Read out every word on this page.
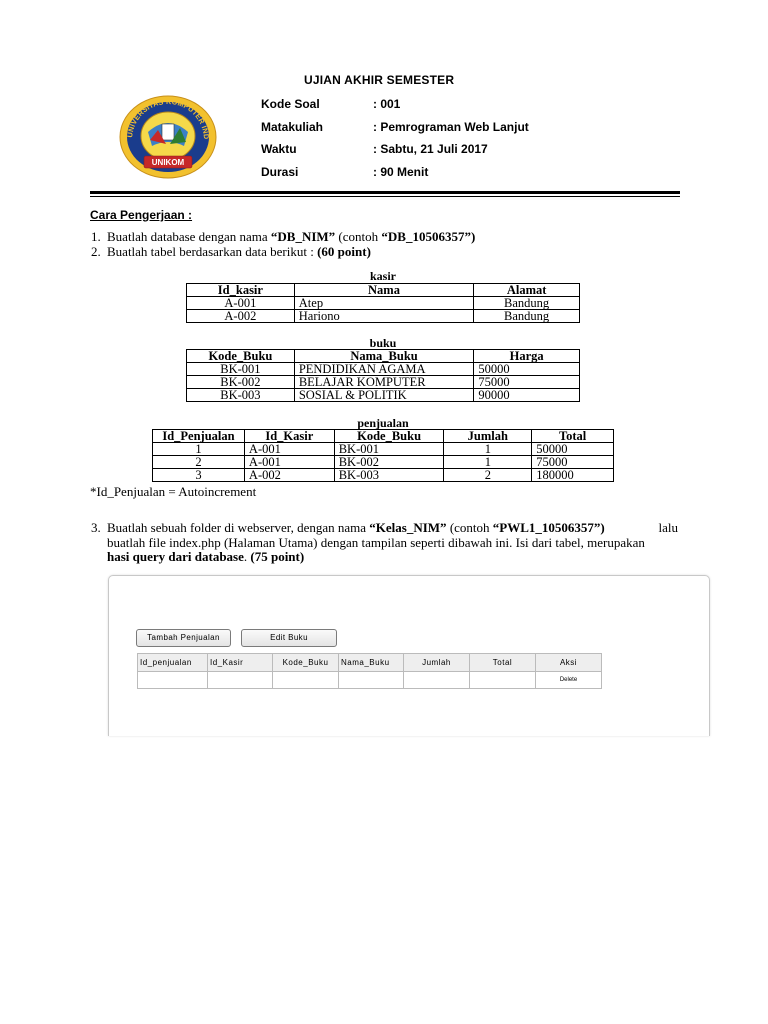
UJIAN AKHIR SEMESTER
UNIVERSITAS KOMPUTER IND
UNIKOM
Kode Soal	: 001
Matakuliah	: Pemrograman Web Lanjut
Waktu	: Sabtu, 21 Juli 2017
Durasi	: 90 Menit
Cara Pengerjaan :
1. Buatlah database dengan nama “DB_NIM” (contoh “DB_10506357”)
2. Buatlah tabel berdasarkan data berikut : (60 point)
kasir
Id_kasir	Nama	Alamat
A-001	Atep	Bandung
A-002	Hariono	Bandung
buku
Kode_Buku	Nama_Buku	Harga
BK-001	PENDIDIKAN AGAMA	50000
BK-002	BELAJAR KOMPUTER	75000
BK-003	SOSIAL & POLITIK	90000
penjualan
Id_Penjualan	Id_Kasir	Kode_Buku	Jumlah	Total
1	A-001	BK-001	1	50000
2	A-001	BK-002	1	75000
3	A-002	BK-003	2	180000
*Id_Penjualan = Autoincrement
3. Buatlah sebuah folder di webserver, dengan nama “Kelas_NIM” (contoh “PWL1_10506357”)	lalu
buatlah file index.php (Halaman Utama) dengan tampilan seperti dibawah ini. Isi dari tabel, merupakan
hasi query dari database. (75 point)
Tambah Penjualan	Edit Buku
Id_penjualan	Id_Kasir	Kode_Buku	Nama_Buku	Jumlah	Total	Aksi
						Delete
